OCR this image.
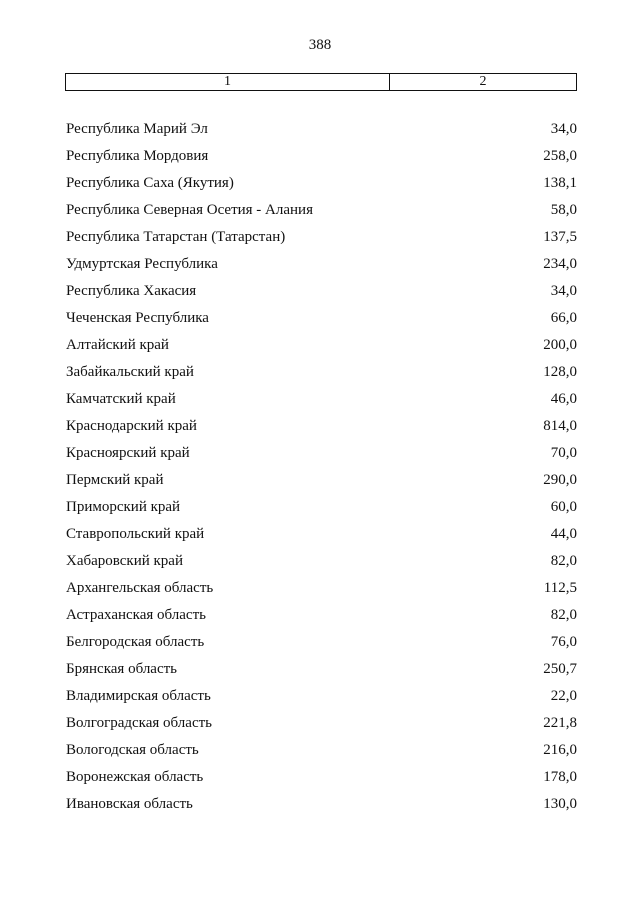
388
1	2
Республика Марий Эл	34,0
Республика Мордовия	258,0
Республика Саха (Якутия)	138,1
Республика Северная Осетия - Алания	58,0
Республика Татарстан (Татарстан)	137,5
Удмуртская Республика	234,0
Республика Хакасия	34,0
Чеченская Республика	66,0
Алтайский край	200,0
Забайкальский край	128,0
Камчатский край	46,0
Краснодарский край	814,0
Красноярский край	70,0
Пермский край	290,0
Приморский край	60,0
Ставропольский край	44,0
Хабаровский край	82,0
Архангельская область	112,5
Астраханская область	82,0
Белгородская область	76,0
Брянская область	250,7
Владимирская область	22,0
Волгоградская область	221,8
Вологодская область	216,0
Воронежская область	178,0
Ивановская область	130,0
